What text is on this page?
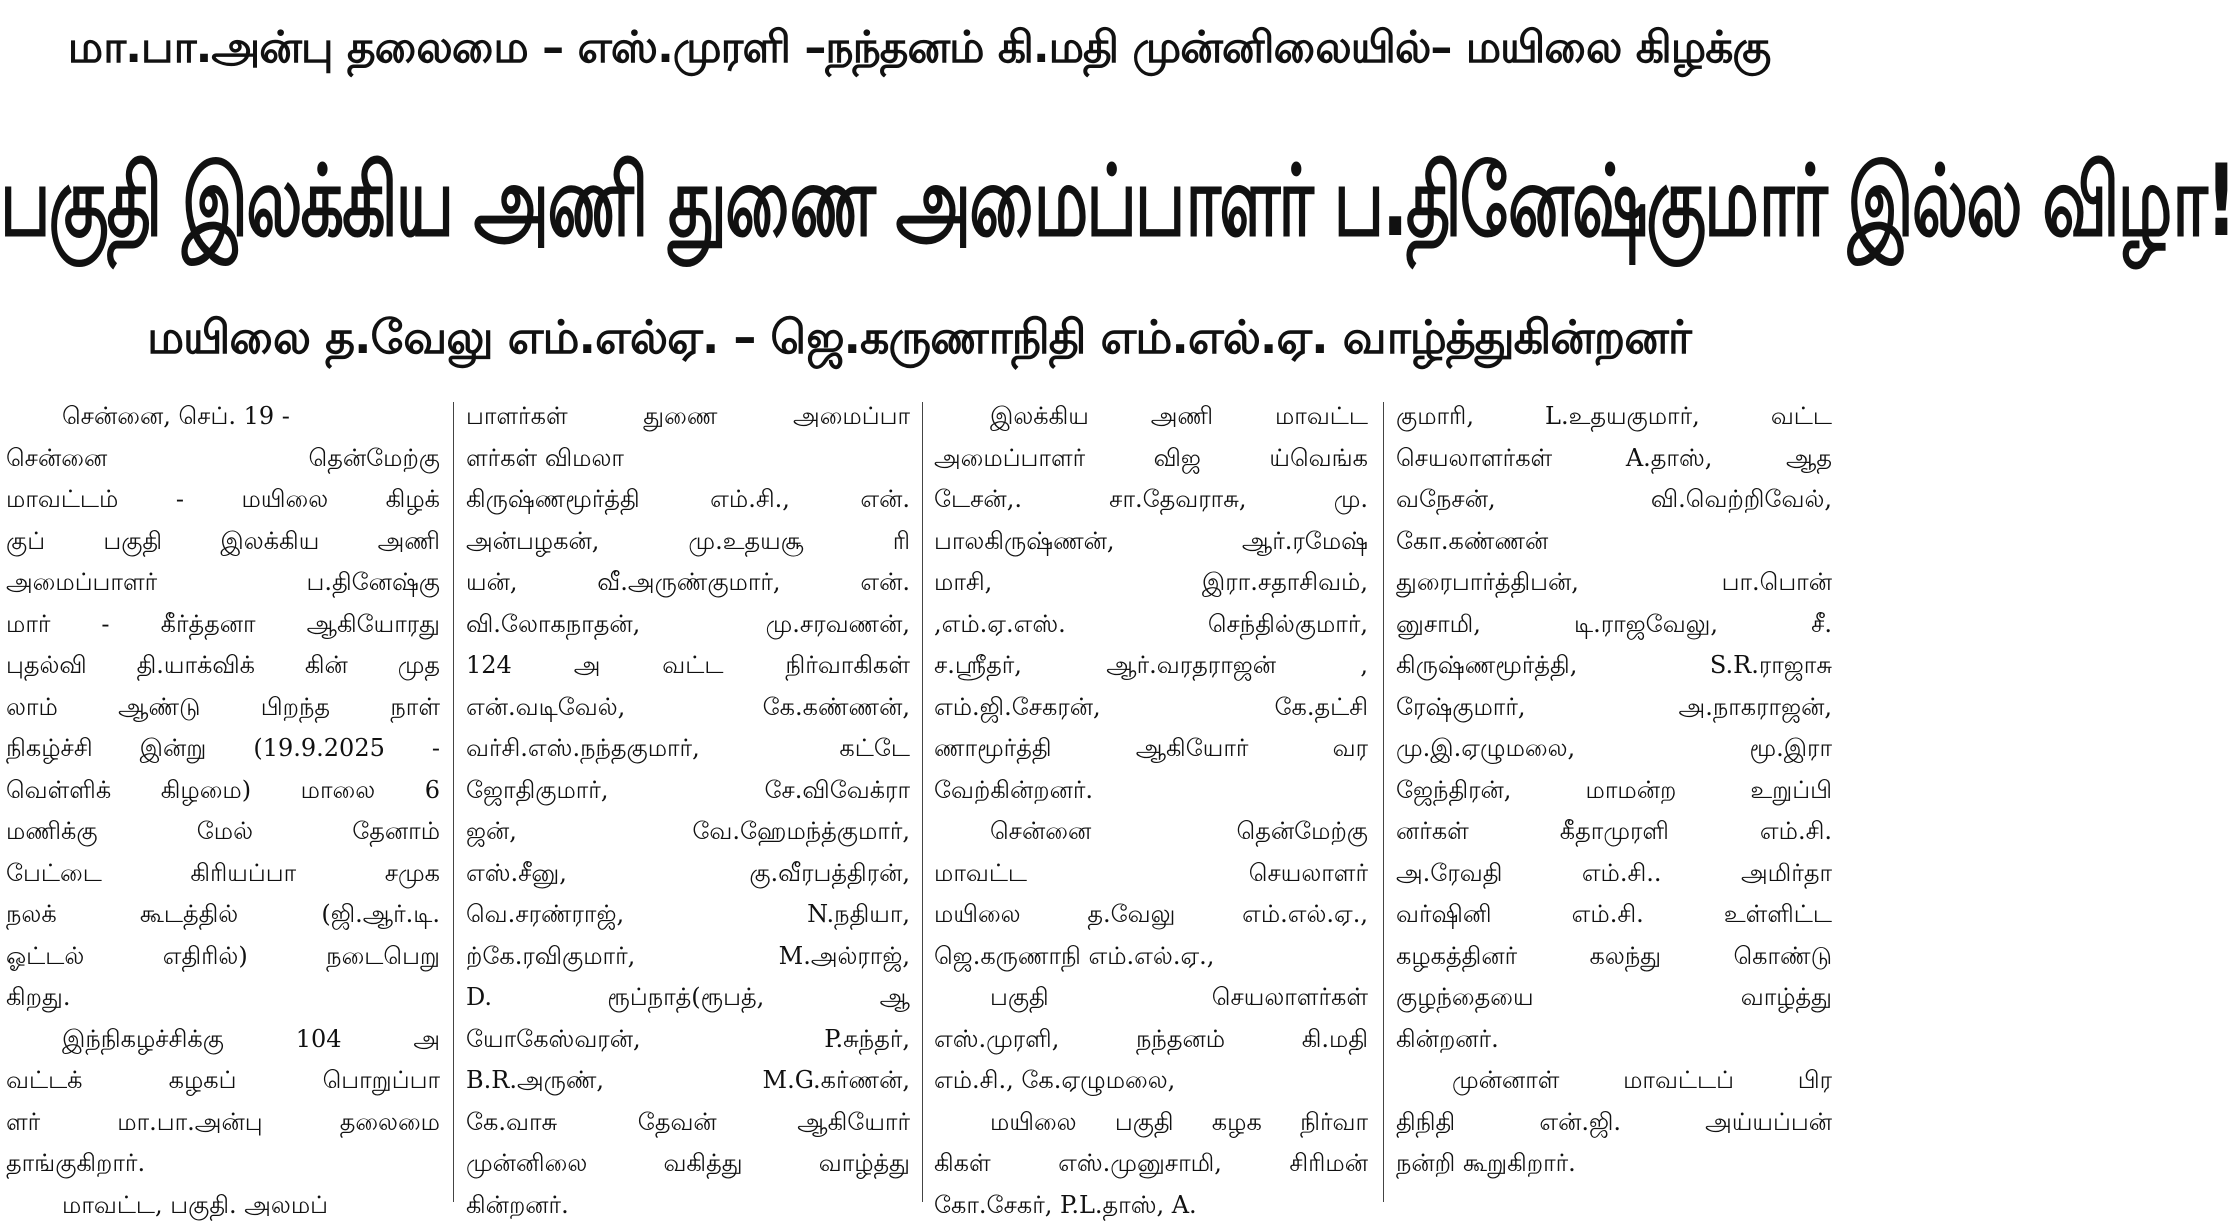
மா.பா.அன்பு தலைமை – எஸ்.முரளி –நந்தனம் கி.மதி முன்னிலையில்– மயிலை கிழக்கு
பகுதி இலக்கிய அணி துணை அமைப்பாளர் ப.தினேஷ்குமார் இல்ல விழா!
மயிலை த.வேலு எம்.எல்ஏ. – ஜெ.கருணாநிதி எம்.எல்.ஏ. வாழ்த்துகின்றனர்
சென்னை, செப். 19 -
சென்னை தென்மேற்கு
மாவட்டம் - மயிலை கிழக்
குப் பகுதி இலக்கிய அணி
அமைப்பாளர் ப.தினேஷ்கு
மார் - கீர்த்தனா ஆகியோரது
புதல்வி தி.யாக்விக் கின் முத
லாம் ஆண்டு பிறந்த நாள்
நிகழ்ச்சி இன்று (19.9.2025 -
வெள்ளிக் கிழமை) மாலை 6
மணிக்கு மேல் தேனாம்
பேட்டை கிரியப்பா சமுக
நலக் கூடத்தில் (ஜி.ஆர்.டி.
ஓட்டல் எதிரில்) நடைபெறு
கிறது.
இந்நிகழச்சிக்கு 104 அ
வட்டக் கழகப் பொறுப்பா
ளர் மா.பா.அன்பு தலைமை
தாங்குகிறார்.
மாவட்ட, பகுதி. அலமப்
பாளர்கள் துணை அமைப்பா
ளர்கள் விமலா
கிருஷ்ணமூர்த்தி எம்.சி., என்.
அன்பழகன், மு.உதயசூ ரி
யன், வீ.அருண்குமார், என்.
வி.லோகநாதன், மு.சரவணன்,
124 அ வட்ட நிர்வாகிகள்
என்.வடிவேல், கே.கண்ணன்,
வர்சி.எஸ்.நந்தகுமார், கட்டே
ஜோதிகுமார், சே.விவேக்ரா
ஜன், வே.ஹேமந்த்குமார்,
எஸ்.சீனு, கு.வீரபத்திரன்,
வெ.சரண்ராஜ், N.நதியா,
ற்கே.ரவிகுமார், M.அல்ராஜ்,
D. ரூப்நாத்(ரூபத், ஆ
யோகேஸ்வரன், P.சுந்தர்,
B.R.அருண், M.G.கர்ணன்,
கே.வாசு தேவன் ஆகியோர்
முன்னிலை வகித்து வாழ்த்து
கின்றனர்.
இலக்கிய அணி மாவட்ட
அமைப்பாளர் விஜ ய்வெங்க
டேசன்,. சா.தேவராசு, மு.
பாலகிருஷ்ணன், ஆர்.ரமேஷ்
மாசி, இரா.சதாசிவம்,
,எம்.ஏ.எஸ். செந்தில்குமார்,
ச.ஶ்ரீதர், ஆர்.வரதராஜன் ,
எம்.ஜி.சேகரன், கே.தட்சி
ணாமூர்த்தி ஆகியோர் வர
வேற்கின்றனர்.
சென்னை தென்மேற்கு
மாவட்ட செயலாளர்
மயிலை த.வேலு எம்.எல்.ஏ.,
ஜெ.கருணாநி எம்.எல்.ஏ.,
பகுதி செயலாளர்கள்
எஸ்.முரளி, நந்தனம் கி.மதி
எம்.சி., கே.ஏழுமலை,
மயிலை பகுதி கழக நிர்வா
கிகள் எஸ்.முனுசாமி, சிரிமன்
கோ.சேகர், P.L.தாஸ், A.
குமாரி, L.உதயகுமார், வட்ட
செயலாளர்கள் A.தாஸ், ஆத
வநேசன், வி.வெற்றிவேல்,
கோ.கண்ணன்
துரைபார்த்திபன், பா.பொன்
னுசாமி, டி.ராஜவேலு, சீ.
கிருஷ்ணமூர்த்தி, S.R.ராஜாசு
ரேஷ்குமார், அ.நாகராஜன்,
மு.இ.ஏழுமலை, மூ.இரா
ஜேந்திரன், மாமன்ற உறுப்பி
னர்கள் கீதாமுரளி எம்.சி.
அ.ரேவதி எம்.சி.. அமிர்தா
வர்ஷினி எம்.சி. உள்ளிட்ட
கழகத்தினர் கலந்து கொண்டு
குழந்தையை வாழ்த்து
கின்றனர்.
முன்னாள் மாவட்டப் பிர
திநிதி என்.ஜி. அய்யப்பன்
நன்றி கூறுகிறார்.
